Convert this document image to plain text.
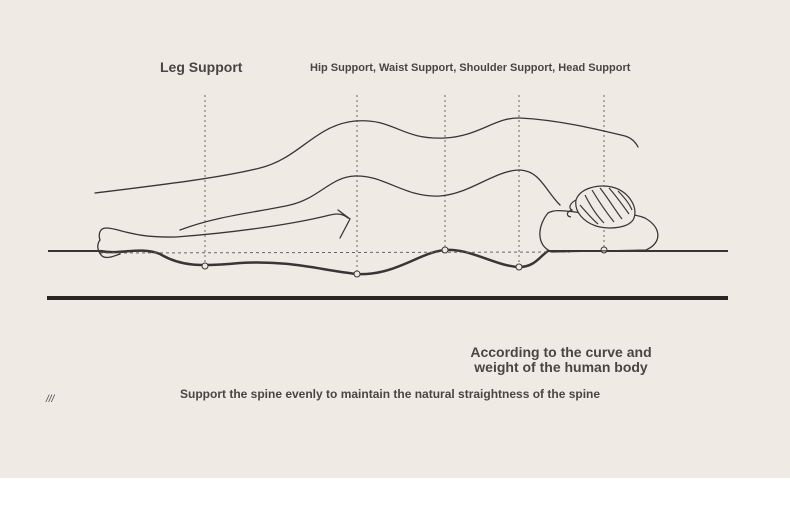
Leg Support	Hip Support, Waist Support, Shoulder Support, Head Support
According to the curve and
weight of the human body
Support the spine evenly to maintain the natural straightness of the spine
///
